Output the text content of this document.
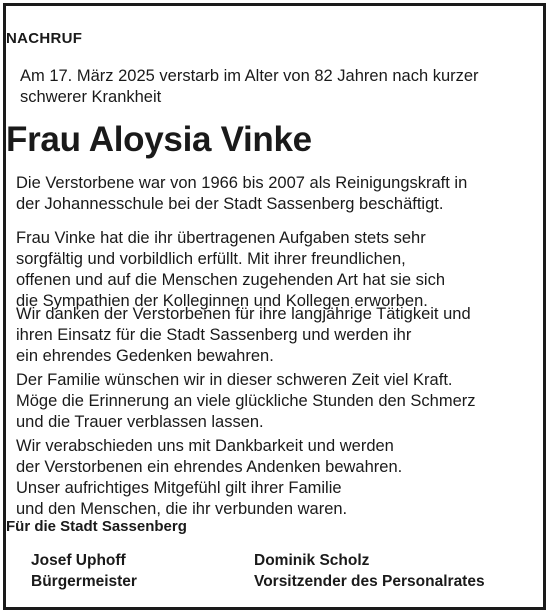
NACHRUF
Am 17. März 2025 verstarb im Alter von 82 Jahren nach kurzer
schwerer Krankheit
Frau Aloysia Vinke
Die Verstorbene war von 1966 bis 2007 als Reinigungskraft in
der Johannesschule bei der Stadt Sassenberg beschäftigt.
Frau Vinke hat die ihr übertragenen Aufgaben stets sehr
sorgfältig und vorbildlich erfüllt. Mit ihrer freundlichen,
offenen und auf die Menschen zugehenden Art hat sie sich
die Sympathien der Kolleginnen und Kollegen erworben.
Wir danken der Verstorbenen für ihre langjährige Tätigkeit und
ihren Einsatz für die Stadt Sassenberg und werden ihr
ein ehrendes Gedenken bewahren.
Der Familie wünschen wir in dieser schweren Zeit viel Kraft.
Möge die Erinnerung an viele glückliche Stunden den Schmerz
und die Trauer verblassen lassen.
Wir verabschieden uns mit Dankbarkeit und werden
der Verstorbenen ein ehrendes Andenken bewahren.
Unser aufrichtiges Mitgefühl gilt ihrer Familie
und den Menschen, die ihr verbunden waren.
Für die Stadt Sassenberg
Josef Uphoff
Bürgermeister
Dominik Scholz
Vorsitzender des Personalrates
